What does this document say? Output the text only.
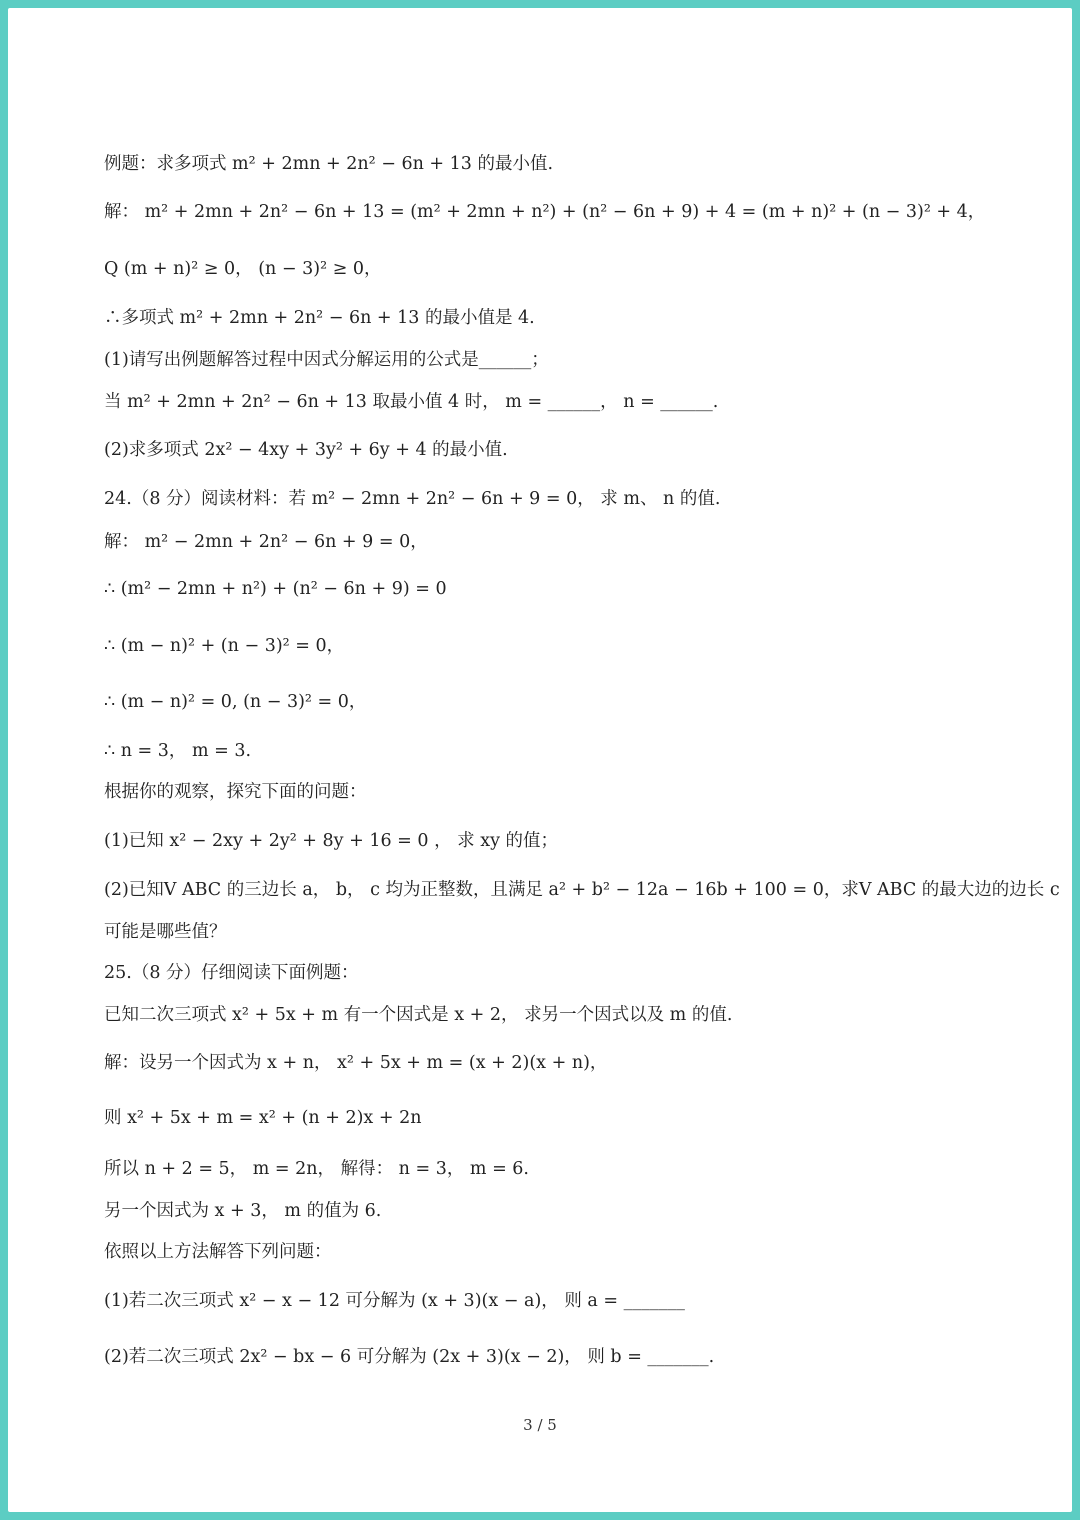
例题：求多项式 m² + 2mn + 2n² − 6n + 13 的最小值.
解： m² + 2mn + 2n² − 6n + 13 = (m² + 2mn + n²) + (n² − 6n + 9) + 4 = (m + n)² + (n − 3)² + 4，
Q (m + n)² ≥ 0， (n − 3)² ≥ 0，
∴多项式 m² + 2mn + 2n² − 6n + 13 的最小值是 4.
(1)请写出例题解答过程中因式分解运用的公式是______；
当 m² + 2mn + 2n² − 6n + 13 取最小值 4 时， m = ______， n = ______.
(2)求多项式 2x² − 4xy + 3y² + 6y + 4 的最小值.
24.（8 分）阅读材料：若 m² − 2mn + 2n² − 6n + 9 = 0， 求 m、 n 的值.
解： m² − 2mn + 2n² − 6n + 9 = 0，
∴ (m² − 2mn + n²) + (n² − 6n + 9) = 0
∴ (m − n)² + (n − 3)² = 0，
∴ (m − n)² = 0, (n − 3)² = 0，
∴ n = 3， m = 3.
根据你的观察，探究下面的问题：
(1)已知 x² − 2xy + 2y² + 8y + 16 = 0 ， 求 xy 的值；
(2)已知V ABC 的三边长 a， b， c 均为正整数，且满足 a² + b² − 12a − 16b + 100 = 0，求V ABC 的最大边的边长 c
可能是哪些值？
25.（8 分）仔细阅读下面例题：
已知二次三项式 x² + 5x + m 有一个因式是 x + 2， 求另一个因式以及 m 的值.
解：设另一个因式为 x + n， x² + 5x + m = (x + 2)(x + n)，
则 x² + 5x + m = x² + (n + 2)x + 2n
所以 n + 2 = 5， m = 2n， 解得： n = 3， m = 6.
另一个因式为 x + 3， m 的值为 6.
依照以上方法解答下列问题：
(1)若二次三项式 x² − x − 12 可分解为 (x + 3)(x − a)， 则 a = _______
(2)若二次三项式 2x² − bx − 6 可分解为 (2x + 3)(x − 2)， 则 b = _______.
3 / 5
